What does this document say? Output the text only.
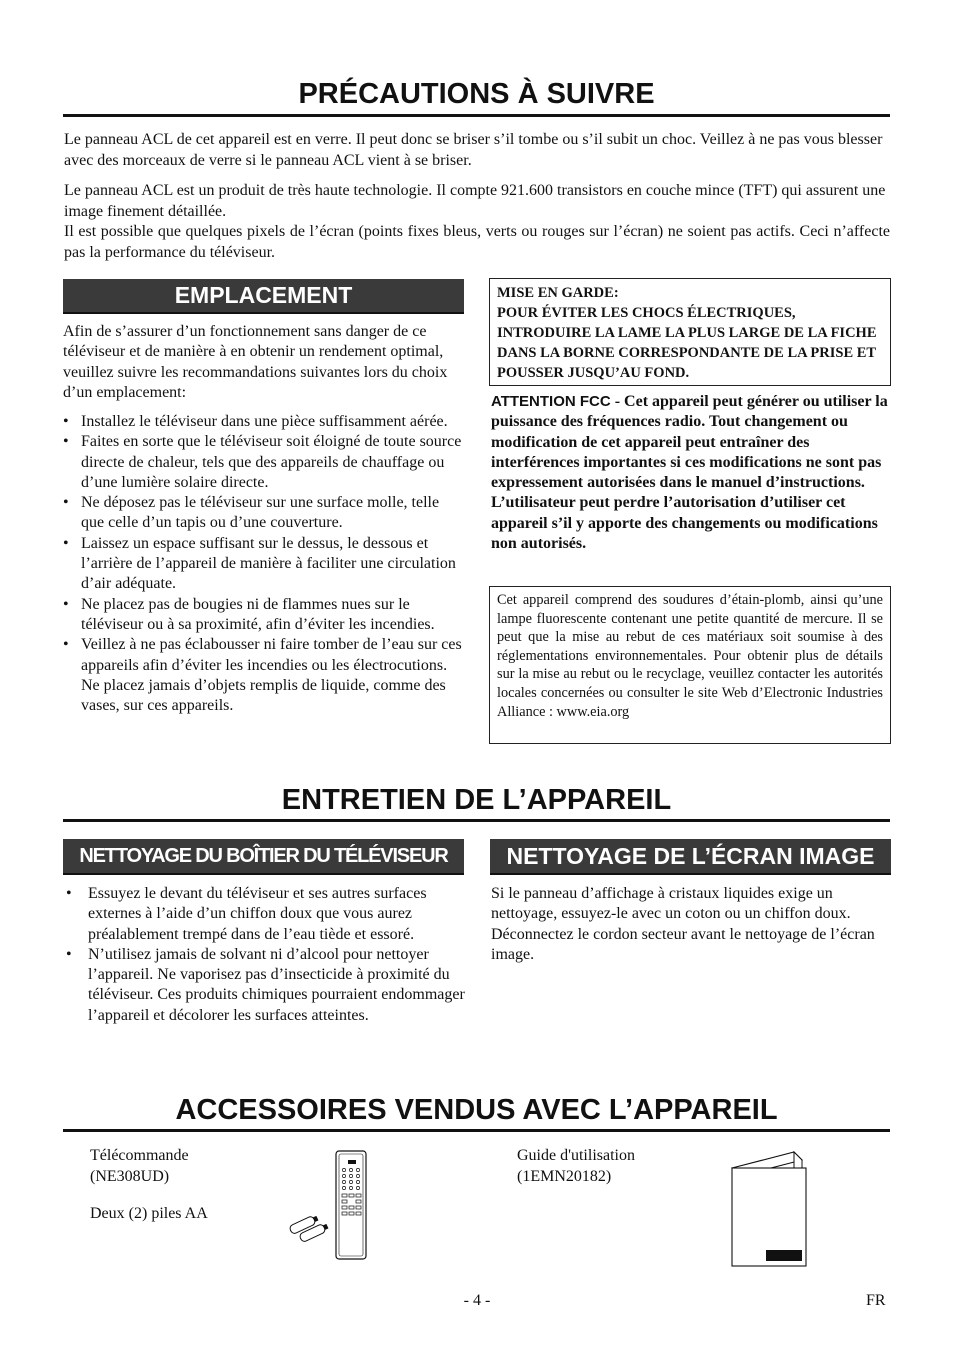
PRÉCAUTIONS À SUIVRE

Le panneau ACL de cet appareil est en verre. Il peut donc se briser s’il tombe ou s’il subit un choc. Veillez à ne pas vous blesser avec des morceaux de verre si le panneau ACL vient à se briser.

Le panneau ACL est un produit de très haute technologie. Il compte 921.600 transistors en couche mince (TFT) qui assurent une image finement détaillée.

Il est possible que quelques pixels de l’écran (points fixes bleus, verts ou rouges sur l’écran) ne soient pas actifs. Ceci n’affecte pas la performance du téléviseur.

EMPLACEMENT

Afin de s’assurer d’un fonctionnement sans danger de ce téléviseur et de manière à en obtenir un rendement optimal, veuillez suivre les recommandations suivantes lors du choix d’un emplacement:

• Installez le téléviseur dans une pièce suffisamment aérée.
• Faites en sorte que le téléviseur soit éloigné de toute source directe de chaleur, tels que des appareils de chauffage ou d’une lumière solaire directe.
• Ne déposez pas le téléviseur sur une surface molle, telle que celle d’un tapis ou d’une couverture.
• Laissez un espace suffisant sur le dessus, le dessous et l’arrière de l’appareil de manière à faciliter une circulation d’air adéquate.
• Ne placez pas de bougies ni de flammes nues sur le téléviseur ou à sa proximité, afin d’éviter les incendies.
• Veillez à ne pas éclabousser ni faire tomber de l’eau sur ces appareils afin d’éviter les incendies ou les électrocutions. Ne placez jamais d’objets remplis de liquide, comme des vases, sur ces appareils.
MISE EN GARDE:
POUR ÉVITER LES CHOCS ÉLECTRIQUES, INTRODUIRE LA LAME LA PLUS LARGE DE LA FICHE DANS LA BORNE CORRESPONDANTE DE LA PRISE ET POUSSER JUSQU’AU FOND.

ATTENTION FCC - Cet appareil peut générer ou utiliser la puissance des fréquences radio. Tout changement ou modification de cet appareil peut entraîner des interférences importantes si ces modifications ne sont pas expressement autorisées dans le manuel d’instructions. L’utilisateur peut perdre l’autorisation d’utiliser cet appareil s’il y apporte des changements ou modifications non autorisés.

Cet appareil comprend des soudures d’étain-plomb, ainsi qu’une lampe fluorescente contenant une petite quantité de mercure. Il se peut que la mise au rebut de ces matériaux soit soumise à des réglementations environnementales. Pour obtenir plus de détails sur la mise au rebut ou le recyclage, veuillez contacter les autorités locales concernées ou consulter le site Web d’Electronic Industries Alliance : www.eia.org
ENTRETIEN DE L’APPAREIL
NETTOYAGE DU BOÎTIER DU TÉLÉVISEUR
• Essuyez le devant du téléviseur et ses autres surfaces externes à l’aide d’un chiffon doux que vous aurez préalablement trempé dans de l’eau tiède et essoré.
• N’utilisez jamais de solvant ni d’alcool pour nettoyer l’appareil. Ne vaporisez pas d’insecticide à proximité du téléviseur. Ces produits chimiques pourraient endommager l’appareil et décolorer les surfaces atteintes.
NETTOYAGE DE L’ÉCRAN IMAGE

Si le panneau d’affichage à cristaux liquides exige un nettoyage, essuyez-le avec un coton ou un chiffon doux. Déconnectez le cordon secteur avant le nettoyage de l’écran image.

ACCESSOIRES VENDUS AVEC L’APPAREIL
Télécommande
(NE308UD)
Deux (2) piles AA
Guide d'utilisation
(1EMN20182)
- 4 -	FR
